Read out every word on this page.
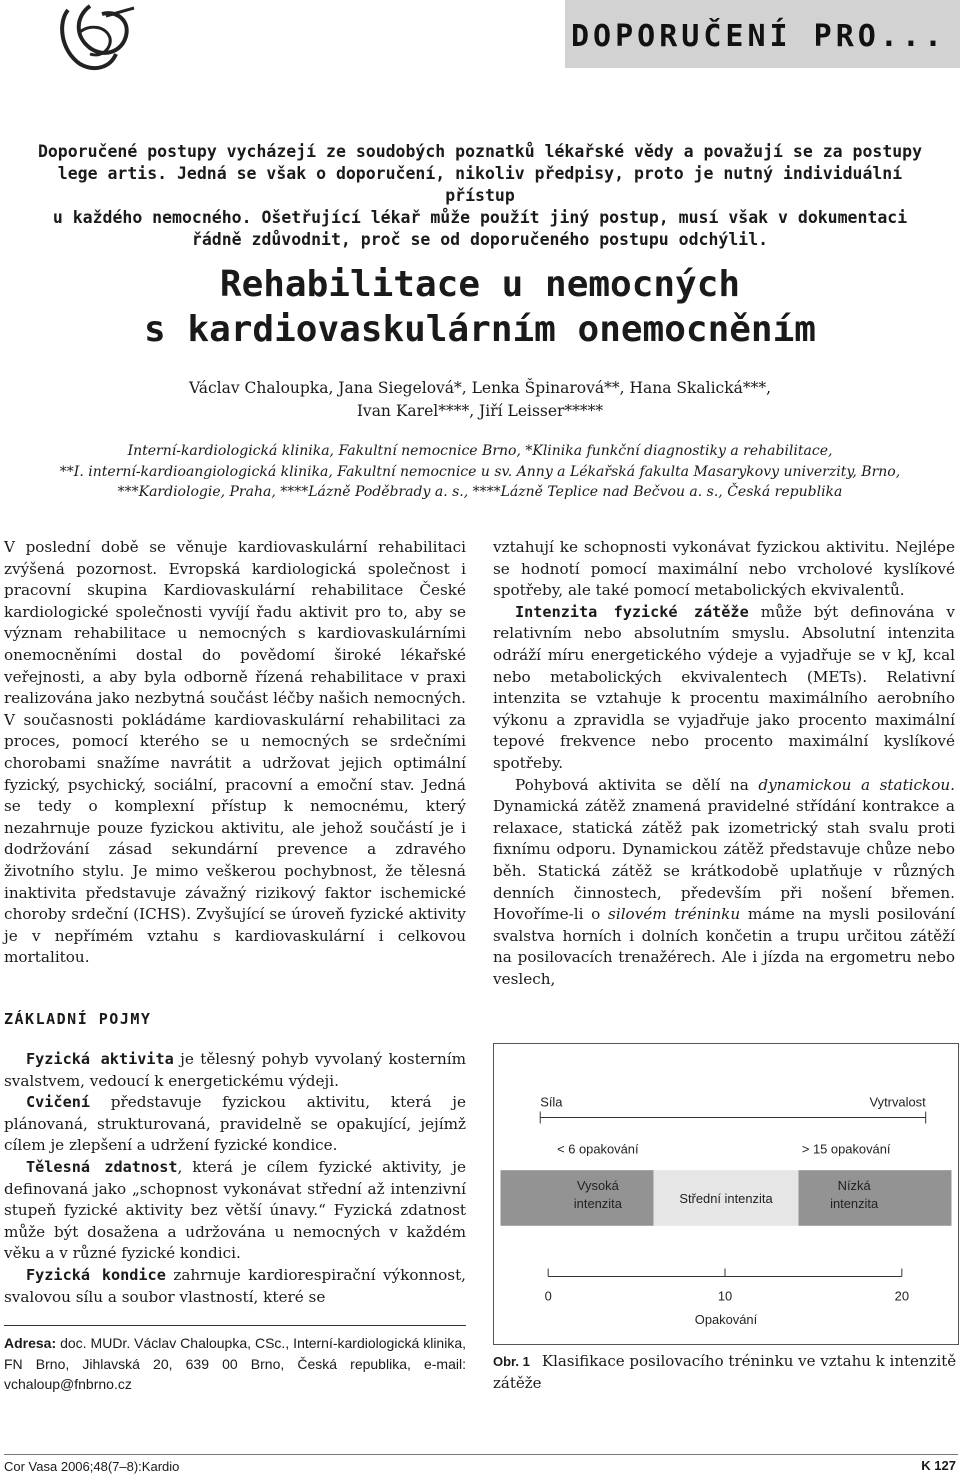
DOPORUČENÍ PRO...
Doporučené postupy vycházejí ze soudobých poznatků lékařské vědy a považují se za postupy
lege artis. Jedná se však o doporučení, nikoliv předpisy, proto je nutný individuální přístup
u každého nemocného. Ošetřující lékař může použít jiný postup, musí však v dokumentaci
řádně zdůvodnit, proč se od doporučeného postupu odchýlil.
Rehabilitace u nemocných
s kardiovaskulárním onemocněním
Václav Chaloupka, Jana Siegelová*, Lenka Špinarová**, Hana Skalická***,
Ivan Karel****, Jiří Leisser*****
Interní-kardiologická klinika, Fakultní nemocnice Brno, *Klinika funkční diagnostiky a rehabilitace,
**I. interní-kardioangiologická klinika, Fakultní nemocnice u sv. Anny a Lékařská fakulta Masarykovy univerzity, Brno,
***Kardiologie, Praha, ****Lázně Poděbrady a. s., ****Lázně Teplice nad Bečvou a. s., Česká republika

V poslední době se věnuje kardiovaskulární rehabilitaci zvýšená pozornost. Evropská kardiologická společnost i pracovní skupina Kardiovaskulární rehabilitace České kardiologické společnosti vyvíjí řadu aktivit pro to, aby se význam rehabilitace u nemocných s kardiovaskulárními onemocněními dostal do povědomí široké lékařské veřejnosti, a aby byla odborně řízená rehabilitace v praxi realizována jako nezbytná součást léčby našich nemocných. V současnosti pokládáme kardiovaskulární rehabilitaci za proces, pomocí kterého se u nemocných se srdečními chorobami snažíme navrátit a udržovat jejich optimální fyzický, psychický, sociální, pracovní a emoční stav. Jedná se tedy o komplexní přístup k nemocnému, který nezahrnuje pouze fyzickou aktivitu, ale jehož součástí je i dodržování zásad sekundární prevence a zdravého životního stylu. Je mimo veškerou pochybnost, že tělesná inaktivita představuje závažný rizikový faktor ischemické choroby srdeční (ICHS). Zvyšující se úroveň fyzické aktivity je v nepřímém vztahu s kardiovaskulární i celkovou mortalitou.

ZÁKLADNÍ POJMY

Fyzická aktivita je tělesný pohyb vyvolaný kosterním svalstvem, vedoucí k energetickému výdeji.

Cvičení představuje fyzickou aktivitu, která je plánovaná, strukturovaná, pravidelně se opakující, jejímž cílem je zlepšení a udržení fyzické kondice.

Tělesná zdatnost, která je cílem fyzické aktivity, je definovaná jako „schopnost vykonávat střední až intenzivní stupeň fyzické aktivity bez větší únavy.“ Fyzická zdatnost může být dosažena a udržována u nemocných v každém věku a v různé fyzické kondici.

Fyzická kondice zahrnuje kardiorespirační výkonnost, svalovou sílu a soubor vlastností, které se

Adresa: doc. MUDr. Václav Chaloupka, CSc., Interní-kardiologická klinika, FN Brno, Jihlavská 20, 639 00 Brno, Česká republika, e-mail: vchaloup@fnbrno.cz

vztahují ke schopnosti vykonávat fyzickou aktivitu. Nejlépe se hodnotí pomocí maximální nebo vrcholové kyslíkové spotřeby, ale také pomocí metabolických ekvivalentů.

Intenzita fyzické zátěže může být definována v relativním nebo absolutním smyslu. Absolutní intenzita odráží míru energetického výdeje a vyjadřuje se v kJ, kcal nebo metabolických ekvivalentech (METs). Relativní intenzita se vztahuje k procentu maximálního aerobního výkonu a zpravidla se vyjadřuje jako procento maximální tepové frekvence nebo procento maximální kyslíkové spotřeby.

Pohybová aktivita se dělí na dynamickou a statickou. Dynamická zátěž znamená pravidelné střídání kontrakce a relaxace, statická zátěž pak izometrický stah svalu proti fixnímu odporu. Dynamickou zátěž představuje chůze nebo běh. Statická zátěž se krátkodobě uplatňuje v různých denních činnostech, především při nošení břemen. Hovoříme-li o silovém tréninku máme na mysli posilování svalstva horních i dolních končetin a trupu určitou zátěží na posilovacích trenažérech. Ale i jízda na ergometru nebo veslech,

Síla	Vytrvalost
< 6 opakování	> 15 opakování
Vysoká
intenzita	Střední intenzita
Nízká
intenzita
0	10	20
Opakování
Obr. 1 Klasifikace posilovacího tréninku ve vztahu k intenzitě zátěže
Cor Vasa 2006;48(7–8):Kardio	K 127
